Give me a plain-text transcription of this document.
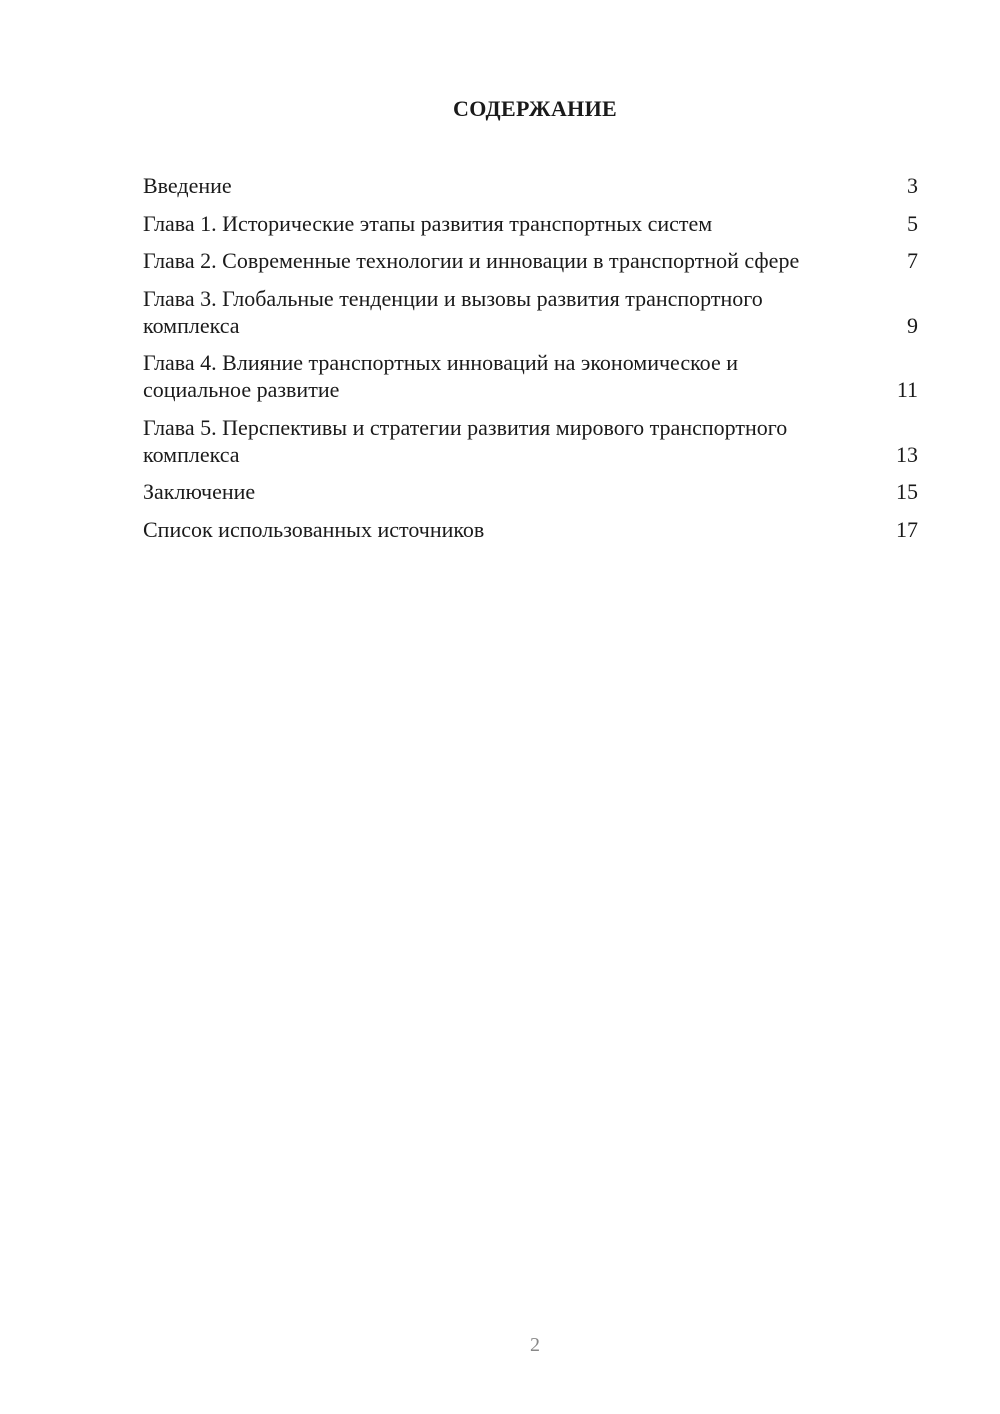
СОДЕРЖАНИЕ
Введение	3
Глава 1. Исторические этапы развития транспортных систем	5
Глава 2. Современные технологии и инновации в транспортной сфере	7
Глава 3. Глобальные тенденции и вызовы развития транспортного комплекса	9
Глава 4. Влияние транспортных инноваций на экономическое и социальное развитие	11
Глава 5. Перспективы и стратегии развития мирового транспортного комплекса	13
Заключение	15
Список использованных источников	17
2
